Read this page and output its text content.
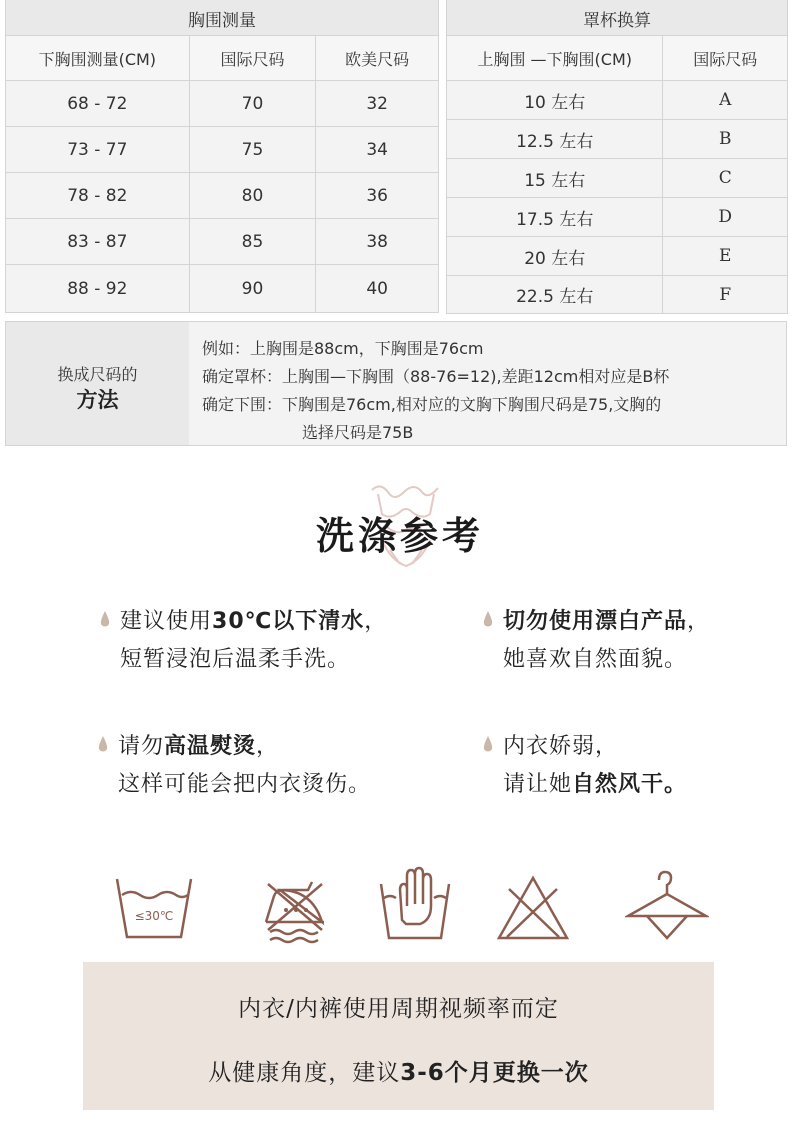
胸围测量		
下胸围测量(CM)	国际尺码	欧美尺码
68 - 72	70	32
73 - 77	75	34
78 - 82	80	36
83 - 87	85	38
88 - 92	90	40
罩杯换算	
上胸围 —下胸围(CM)	国际尺码
10 左右	A
12.5 左右	B
15 左右	C
17.5 左右	D
20 左右	E
22.5 左右	F
换成尺码的
方法
例如：上胸围是88cm，下胸围是76cm
确定罩杯：上胸围—下胸围（88-76=12),差距12cm相对应是B杯
确定下围：下胸围是76cm,相对应的文胸下胸围尺码是75,文胸的
选择尺码是75B
洗涤参考
建议使用30℃以下清水，
短暂浸泡后温柔手洗。
切勿使用漂白产品，
她喜欢自然面貌。
请勿高温熨烫，
这样可能会把内衣烫伤。
内衣娇弱，
请让她自然风干。
≤30℃
内衣/内裤使用周期视频率而定
从健康角度，建议3-6个月更换一次
